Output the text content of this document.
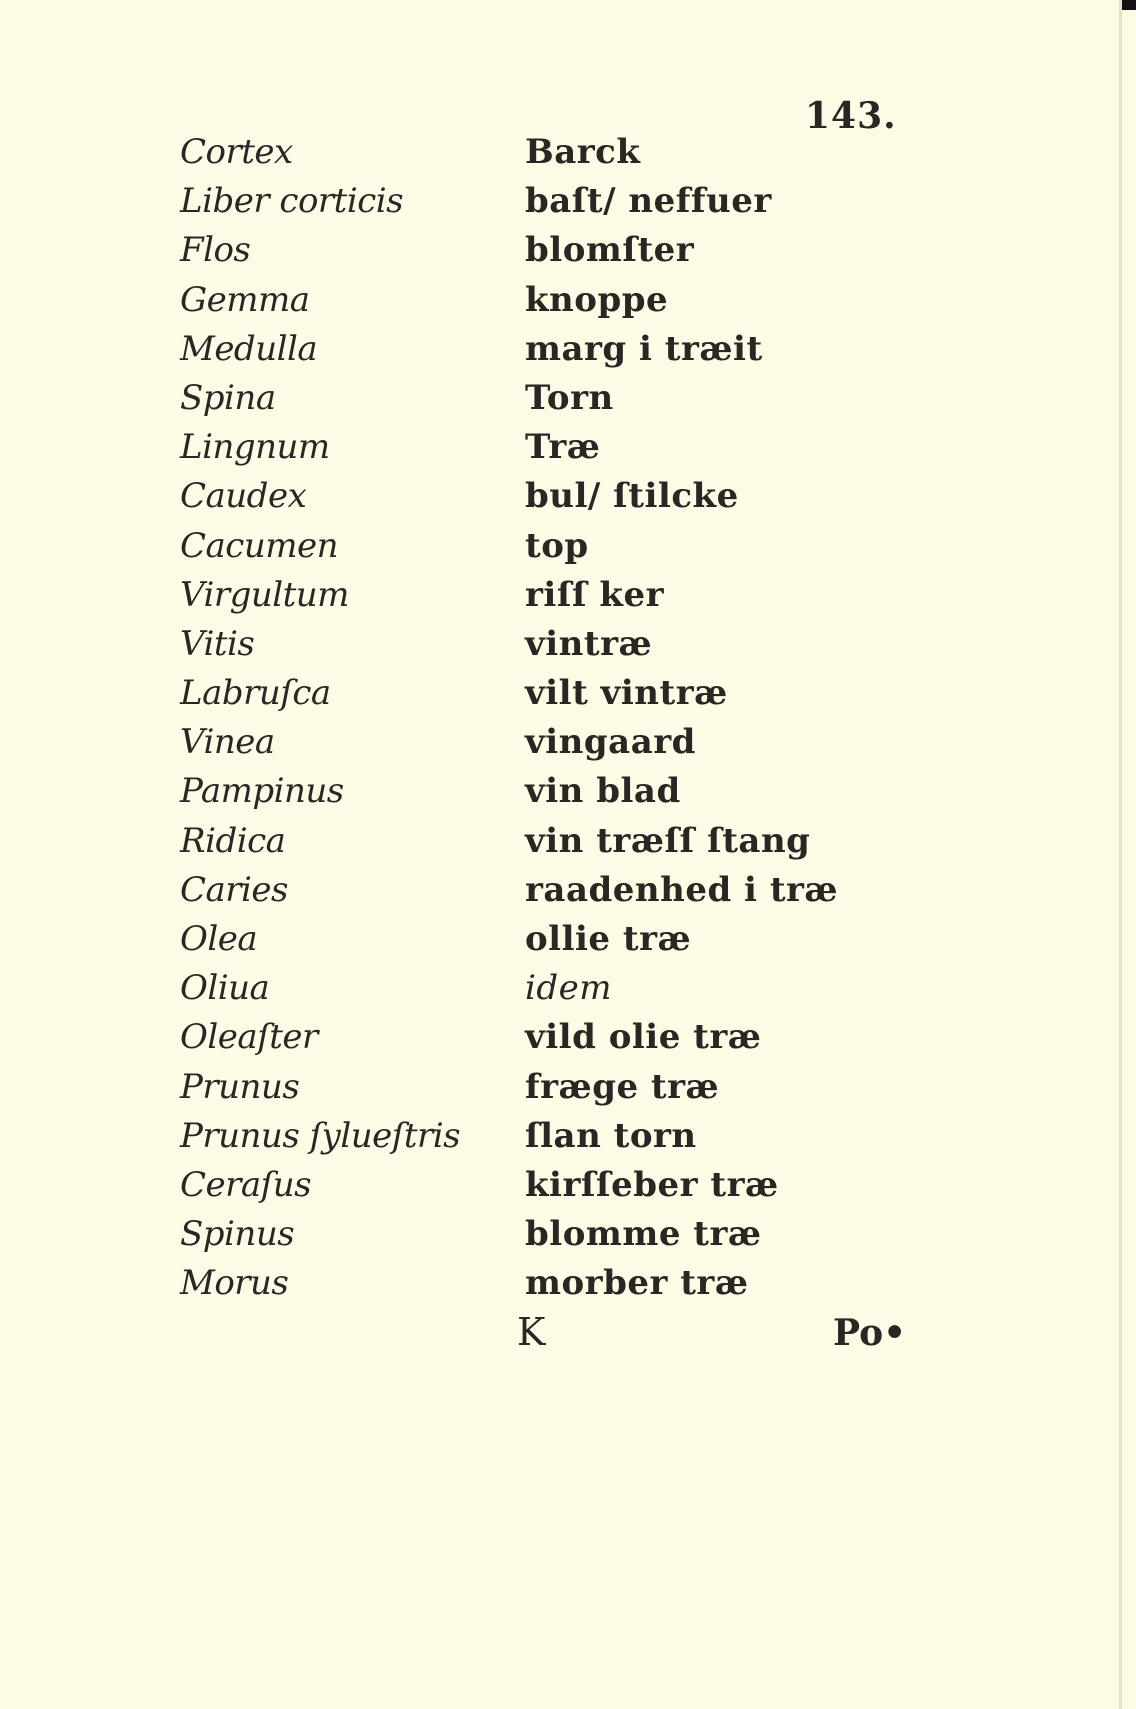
143.
Cortex
Liber corticis
Flos
Gemma
Medulla
Spina
Lingnum
Caudex
Cacumen
Virgultum
Vitis
Labruſca
Vinea
Pampinus
Ridica
Caries
Olea
Oliua
Oleaſter
Prunus
Prunus ſylueſtris
Ceraſus
Spinus
Morus
Barck
baſt/ neffuer
blomſter
knoppe
marg i træit
Torn
Træ
bul/ ſtilcke
top
riſſ ker
vintræ
vilt vintræ
vingaard
vin blad
vin træſſ ſtang
raadenhed i træ
ollie træ
idem
vild olie træ
fræge træ
ſlan torn
kirſſeber træ
blomme træ
morber træ
K	Po•
